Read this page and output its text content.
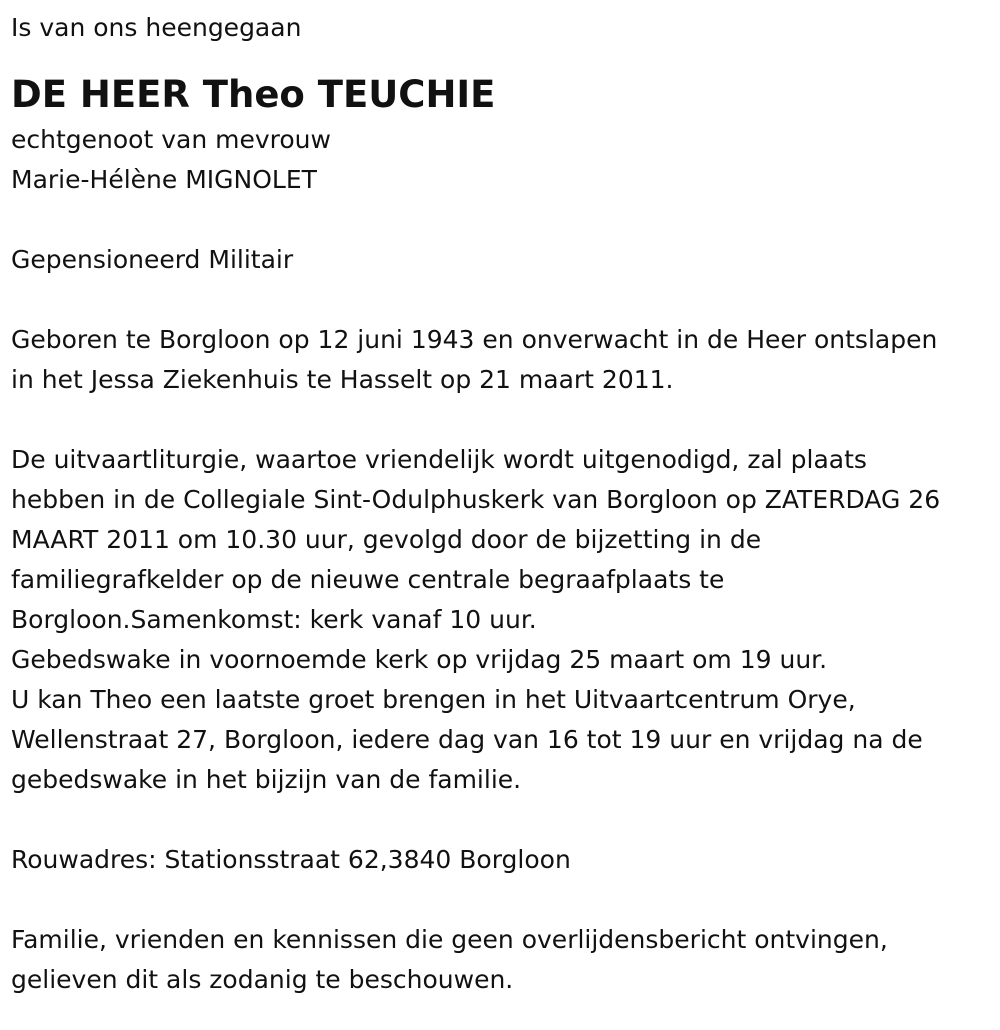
Is van ons heengegaan

DE HEER Theo TEUCHIE

echtgenoot van mevrouw

Marie-Hélène MIGNOLET

Gepensioneerd Militair

Geboren te Borgloon op 12 juni 1943 en onverwacht in de Heer ontslapen

in het Jessa Ziekenhuis te Hasselt op 21 maart 2011.

De uitvaartliturgie, waartoe vriendelijk wordt uitgenodigd, zal plaats

hebben in de Collegiale Sint-Odulphuskerk van Borgloon op ZATERDAG 26

MAART 2011 om 10.30 uur, gevolgd door de bijzetting in de

familiegrafkelder op de nieuwe centrale begraafplaats te

Borgloon.Samenkomst: kerk vanaf 10 uur.

Gebedswake in voornoemde kerk op vrijdag 25 maart om 19 uur.

U kan Theo een laatste groet brengen in het Uitvaartcentrum Orye,

Wellenstraat 27, Borgloon, iedere dag van 16 tot 19 uur en vrijdag na de

gebedswake in het bijzijn van de familie.

Rouwadres: Stationsstraat 62,3840 Borgloon

Familie, vrienden en kennissen die geen overlijdensbericht ontvingen,

gelieven dit als zodanig te beschouwen.
